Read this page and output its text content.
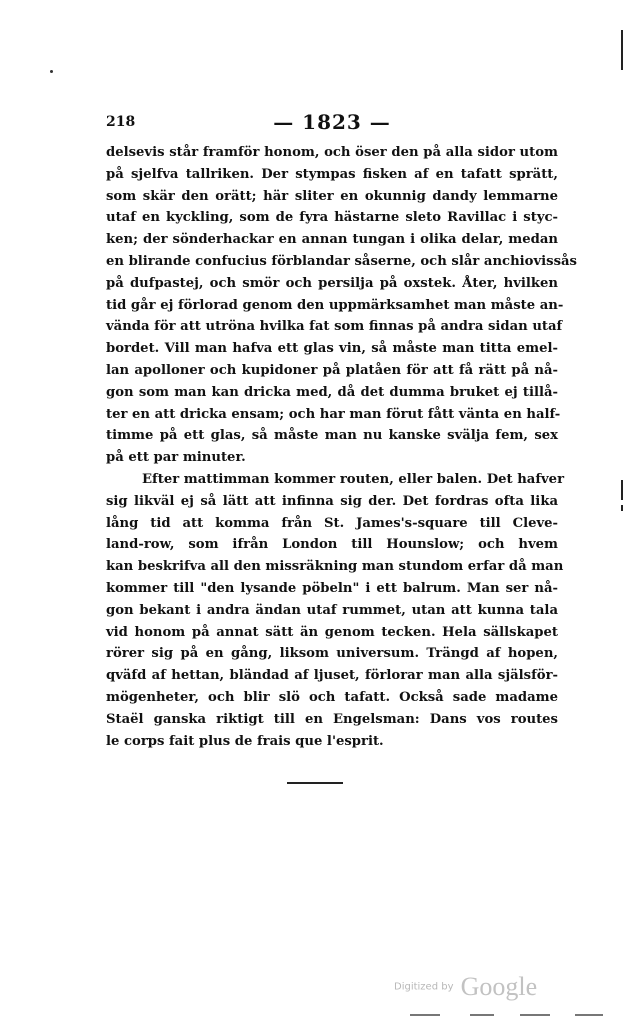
218	— 1823 —
delsevis står framför honom, och öser den på alla sidor utom
på sjelfva tallriken. Der stympas fisken af en tafatt sprätt,
som skär den orätt; här sliter en okunnig dandy lemmarne
utaf en kyckling, som de fyra hästarne sleto Ravillac i styc-
ken; der sönderhackar en annan tungan i olika delar, medan
en blirande confucius förblandar såserne, och slår anchiovissås
på dufpastej, och smör och persilja på oxstek. Åter, hvilken
tid går ej förlorad genom den uppmärksamhet man måste an-
vända för att utröna hvilka fat som finnas på andra sidan utaf
bordet. Vill man hafva ett glas vin, så måste man titta emel-
lan apolloner och kupidoner på platåen för att få rätt på nå-
gon som man kan dricka med, då det dumma bruket ej tillå-
ter en att dricka ensam; och har man förut fått vänta en half-
timme på ett glas, så måste man nu kanske svälja fem, sex
på ett par minuter.
Efter mattimman kommer routen, eller balen. Det hafver
sig likväl ej så lätt att infinna sig der. Det fordras ofta lika
lång tid att komma från St. James's-square till Cleve-
land-row, som ifrån London till Hounslow; och hvem
kan beskrifva all den missräkning man stundom erfar då man
kommer till "den lysande pöbeln" i ett balrum. Man ser nå-
gon bekant i andra ändan utaf rummet, utan att kunna tala
vid honom på annat sätt än genom tecken. Hela sällskapet
rörer sig på en gång, liksom universum. Trängd af hopen,
qväfd af hettan, bländad af ljuset, förlorar man alla själsför-
mögenheter, och blir slö och tafatt. Också sade madame
Staël ganska riktigt till en Engelsman: Dans vos routes
le corps fait plus de frais que l'esprit.
Digitized by Google
